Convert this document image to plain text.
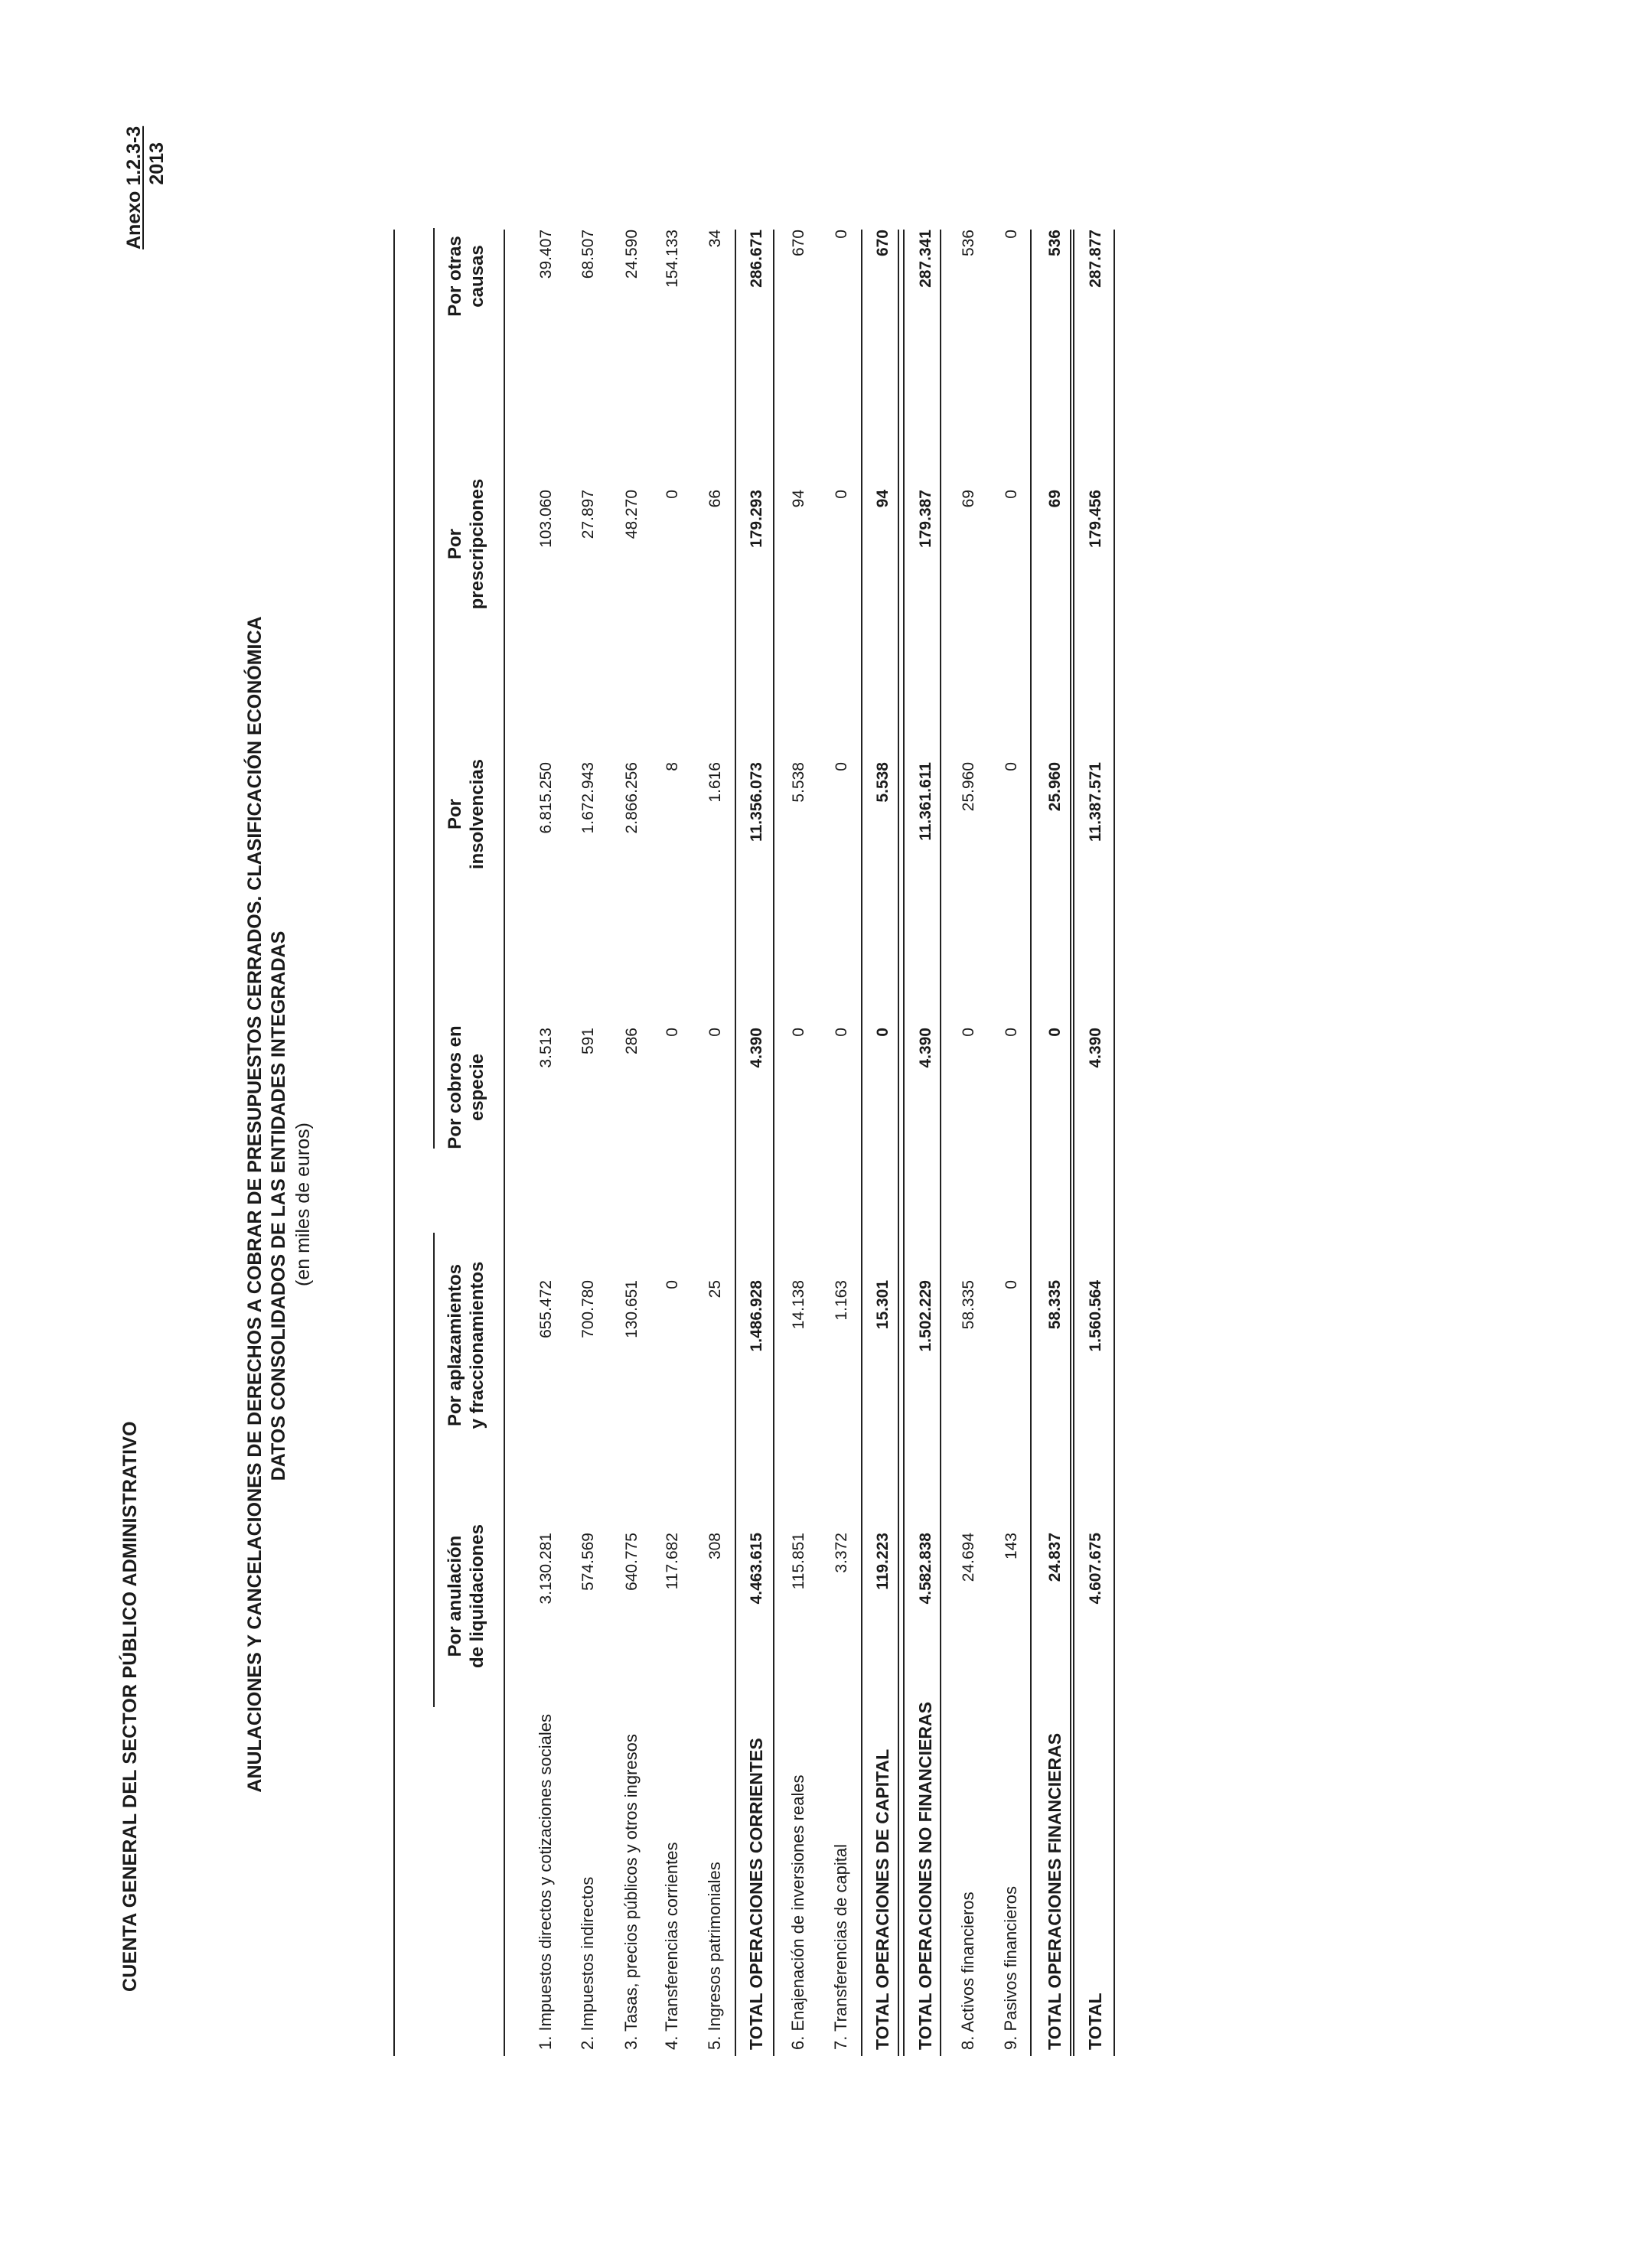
CUENTA GENERAL DEL SECTOR PÚBLICO ADMINISTRATIVO
Anexo 1.2.3-3 2013
ANULACIONES Y CANCELACIONES DE DERECHOS A COBRAR DE PRESUPUESTOS CERRADOS. CLASIFICACIÓN ECONÓMICA DATOS CONSOLIDADOS DE LAS ENTIDADES INTEGRADAS (en miles de euros)
Por anulación de liquidaciones
Por aplazamientos y fraccionamientos
Por cobros en especie
Por insolvencias
Por prescripciones
Por otras causas
1. Impuestos directos y cotizaciones sociales
3.130.281
655.472
3.513
6.815.250
103.060
39.407
2. Impuestos indirectos
574.569
700.780
591
1.672.943
27.897
68.507
3. Tasas, precios públicos y otros ingresos
640.775
130.651
286
2.866.256
48.270
24.590
4. Transferencias corrientes
117.682
0
0
8
0
154.133
5. Ingresos patrimoniales
308
25
0
1.616
66
34
TOTAL OPERACIONES CORRIENTES
4.463.615
1.486.928
4.390
11.356.073
179.293
286.671
6. Enajenación de inversiones reales
115.851
14.138
0
5.538
94
670
7. Transferencias de capital
3.372
1.163
0
0
0
0
TOTAL OPERACIONES DE CAPITAL
119.223
15.301
0
5.538
94
670
TOTAL OPERACIONES NO FINANCIERAS
4.582.838
1.502.229
4.390
11.361.611
179.387
287.341
8. Activos financieros
24.694
58.335
0
25.960
69
536
9. Pasivos financieros
143
0
0
0
0
0
TOTAL OPERACIONES FINANCIERAS
24.837
58.335
0
25.960
69
536
TOTAL
4.607.675
1.560.564
4.390
11.387.571
179.456
287.877
